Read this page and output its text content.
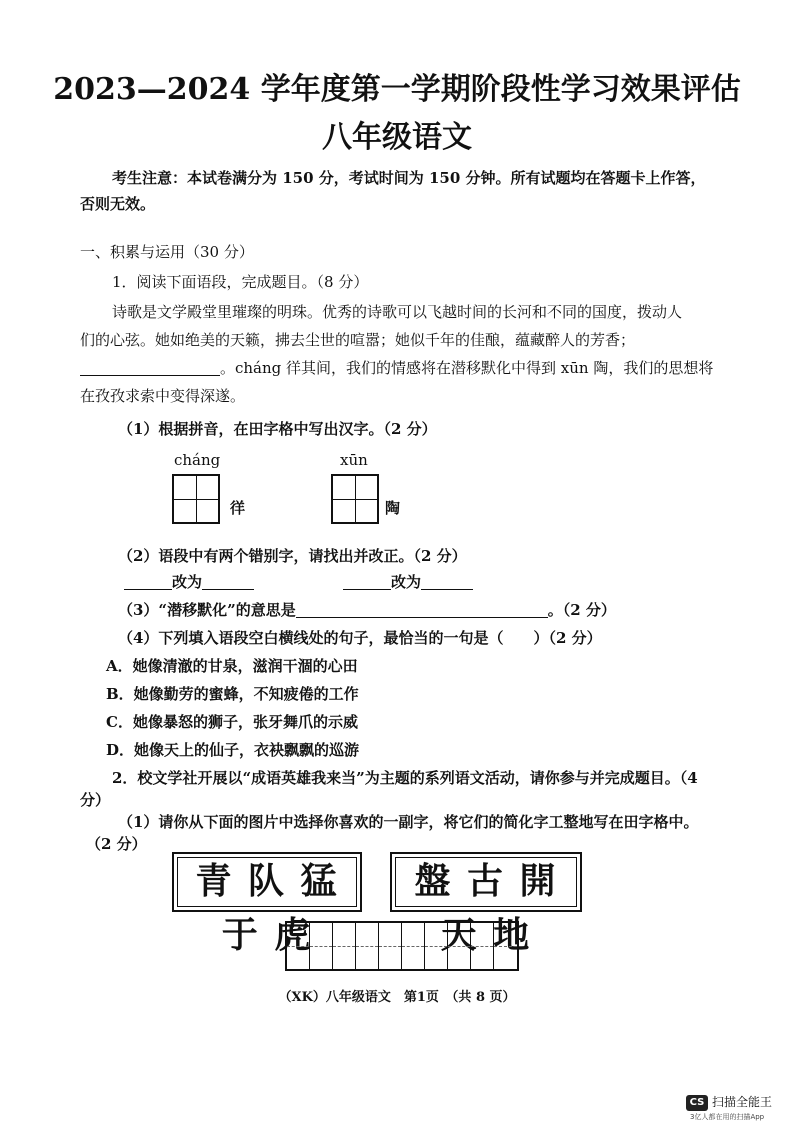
2023—2024 学年度第一学期阶段性学习效果评估
八年级语文
考生注意：本试卷满分为 150 分，考试时间为 150 分钟。所有试题均在答题卡上作答，
否则无效。
一、积累与运用（30 分）
1．阅读下面语段，完成题目。（8 分）
诗歌是文学殿堂里璀璨的明珠。优秀的诗歌可以飞越时间的长河和不同的国度，拨动人
们的心弦。她如绝美的天籁，拂去尘世的喧嚣；她似千年的佳酿，蕴藏醉人的芳香；
。cháng 徉其间，我们的情感将在潜移默化中得到 xūn 陶，我们的思想将
在孜孜求索中变得深遂。
（1）根据拼音，在田字格中写出汉字。（2 分）
cháng	xūn
徉	陶
（2）语段中有两个错别字，请找出并改正。（2 分）
改为	改为
（3）“潜移默化”的意思是	。（2 分）
（4）下列填入语段空白横线处的句子，最恰当的一句是（　　）（2 分）
A．她像清澈的甘泉，滋润干涸的心田
B．她像勤劳的蜜蜂，不知疲倦的工作
C．她像暴怒的狮子，张牙舞爪的示威
D．她像天上的仙子，衣袂飘飘的巡游
2．校文学社开展以“成语英雄我来当”为主题的系列语文活动，请你参与并完成题目。（4
分）
（1）请你从下面的图片中选择你喜欢的一副字，将它们的简化字工整地写在田字格中。
（2 分）
青 队 猛 于 虎
盤 古 開 天 地
（XK）八年级语文　第1页　（共 8 页）
CS 扫描全能王
3亿人都在用的扫描App
